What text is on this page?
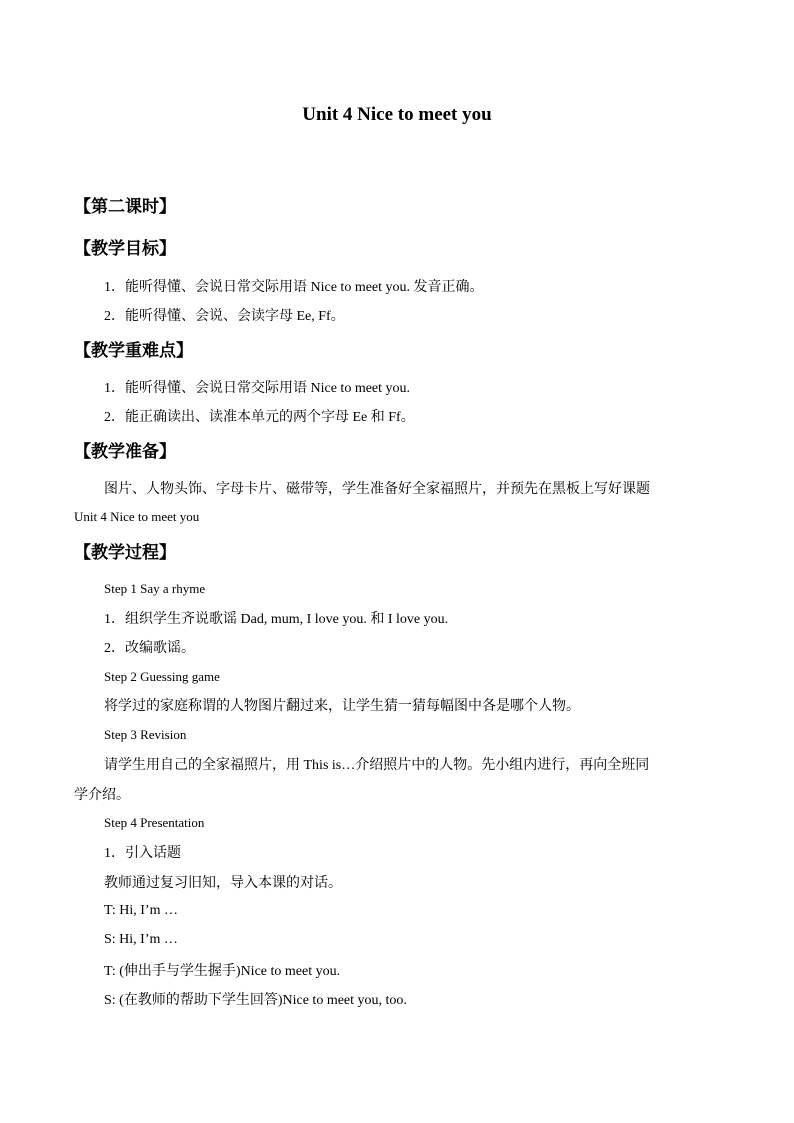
Unit 4 Nice to meet you
【第二课时】
【教学目标】
1．能听得懂、会说日常交际用语 Nice to meet you. 发音正确。
2．能听得懂、会说、会读字母 Ee, Ff。
【教学重难点】
1．能听得懂、会说日常交际用语 Nice to meet you.
2．能正确读出、读准本单元的两个字母 Ee 和 Ff。
【教学准备】
图片、人物头饰、字母卡片、磁带等，学生准备好全家福照片，并预先在黑板上写好课题
Unit 4 Nice to meet you
【教学过程】
Step 1 Say a rhyme
1．组织学生齐说歌谣 Dad, mum, I love you. 和 I love you.
2．改编歌谣。
Step 2 Guessing game
将学过的家庭称谓的人物图片翻过来，让学生猜一猜每幅图中各是哪个人物。
Step 3 Revision
请学生用自己的全家福照片，用 This is…介绍照片中的人物。先小组内进行，再向全班同
学介绍。
Step 4 Presentation
1．引入话题
教师通过复习旧知，导入本课的对话。
T: Hi, I’m …
S: Hi, I’m …
T: (伸出手与学生握手)Nice to meet you.
S: (在教师的帮助下学生回答)Nice to meet you, too.
